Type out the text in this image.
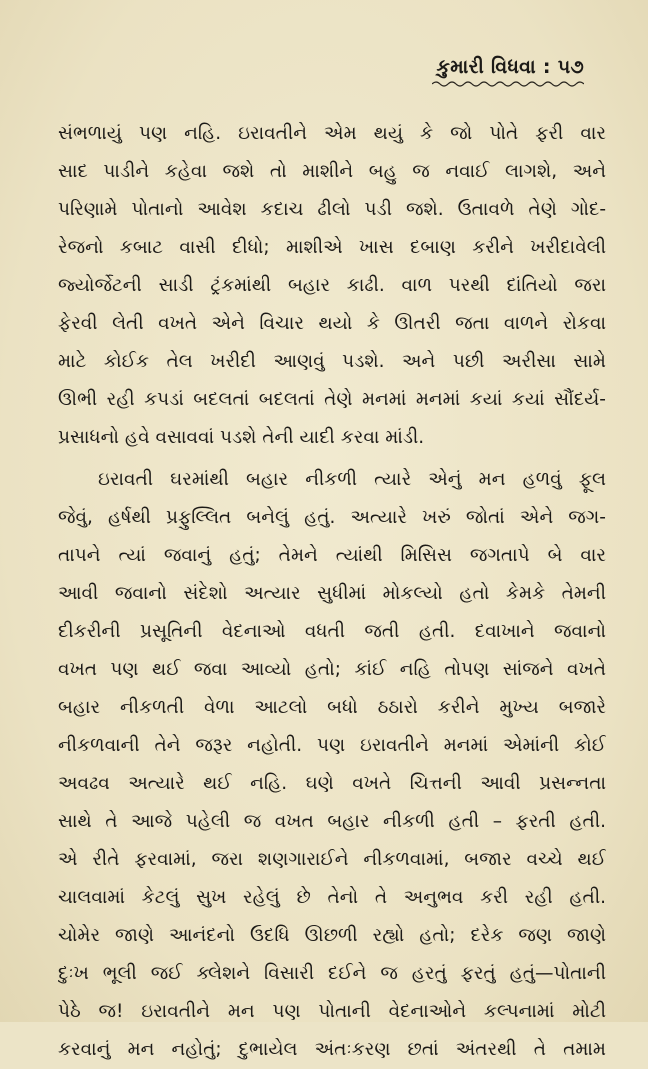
કુમારી વિધવા : ૫૭
સંભળાયું પણ નહિ. ઇરાવતીને એમ થયું કે જો પોતે ફરી વાર
સાદ પાડીને કહેવા જશે તો માશીને બહુ જ નવાઈ લાગશે, અને
પરિણામે પોતાનો આવેશ કદાચ ઢીલો પડી જશે. ઉતાવળે તેણે ગોદ-
રેજનો કબાટ વાસી દીધો; માશીએ ખાસ દબાણ કરીને ખરીદાવેલી
જ્યોર્જેટની સાડી ટ્રંકમાંથી બહાર કાઢી. વાળ પરથી દાંતિયો જરા
ફેરવી લેતી વખતે એને વિચાર થયો કે ઊતરી જતા વાળને રોકવા
માટે કોઈક તેલ ખરીદી આણવું પડશે. અને પછી અરીસા સામે
ઊભી રહી કપડાં બદલતાં બદલતાં તેણે મનમાં મનમાં કયાં કયાં સૌંદર્ય-
પ્રસાધનો હવે વસાવવાં પડશે તેની યાદી કરવા માંડી.
ઇરાવતી ઘરમાંથી બહાર નીકળી ત્યારે એનું મન હળવું ફૂલ
જેવું, હર્ષથી પ્રફુલ્લિત બનેલું હતું. અત્યારે ખરું જોતાં એને જગ-
તાપને ત્યાં જવાનું હતું; તેમને ત્યાંથી મિસિસ જગતાપે બે વાર
આવી જવાનો સંદેશો અત્યાર સુધીમાં મોકલ્યો હતો કેમકે તેમની
દીકરીની પ્રસૂતિની વેદનાઓ વધતી જતી હતી. દવાખાને જવાનો
વખત પણ થઈ જવા આવ્યો હતો; કાંઈ નહિ તોપણ સાંજને વખતે
બહાર નીકળતી વેળા આટલો બધો ઠઠારો કરીને મુખ્ય બજારે
નીકળવાની તેને જરૂર નહોતી. પણ ઇરાવતીને મનમાં એમાંની કોઈ
અવઢવ અત્યારે થઈ નહિ. ઘણે વખતે ચિત્તની આવી પ્રસન્નતા
સાથે તે આજે પહેલી જ વખત બહાર નીકળી હતી – ફરતી હતી.
એ રીતે ફરવામાં, જરા શણગારાઈને નીકળવામાં, બજાર વચ્ચે થઈ
ચાલવામાં કેટલું સુખ રહેલું છે તેનો તે અનુભવ કરી રહી હતી.
ચોમેર જાણે આનંદનો ઉદધિ ઊછળી રહ્યો હતો; દરેક જણ જાણે
દુઃખ ભૂલી જઈ ક્લેશને વિસારી દઈને જ હરતું ફરતું હતું—પોતાની
પેઠે જ! ઇરાવતીને મન પણ પોતાની વેદનાઓને કલ્પનામાં મોટી
કરવાનું મન નહોતું; દુભાયેલ અંતઃકરણ છતાં અંતરથી તે તમામ
